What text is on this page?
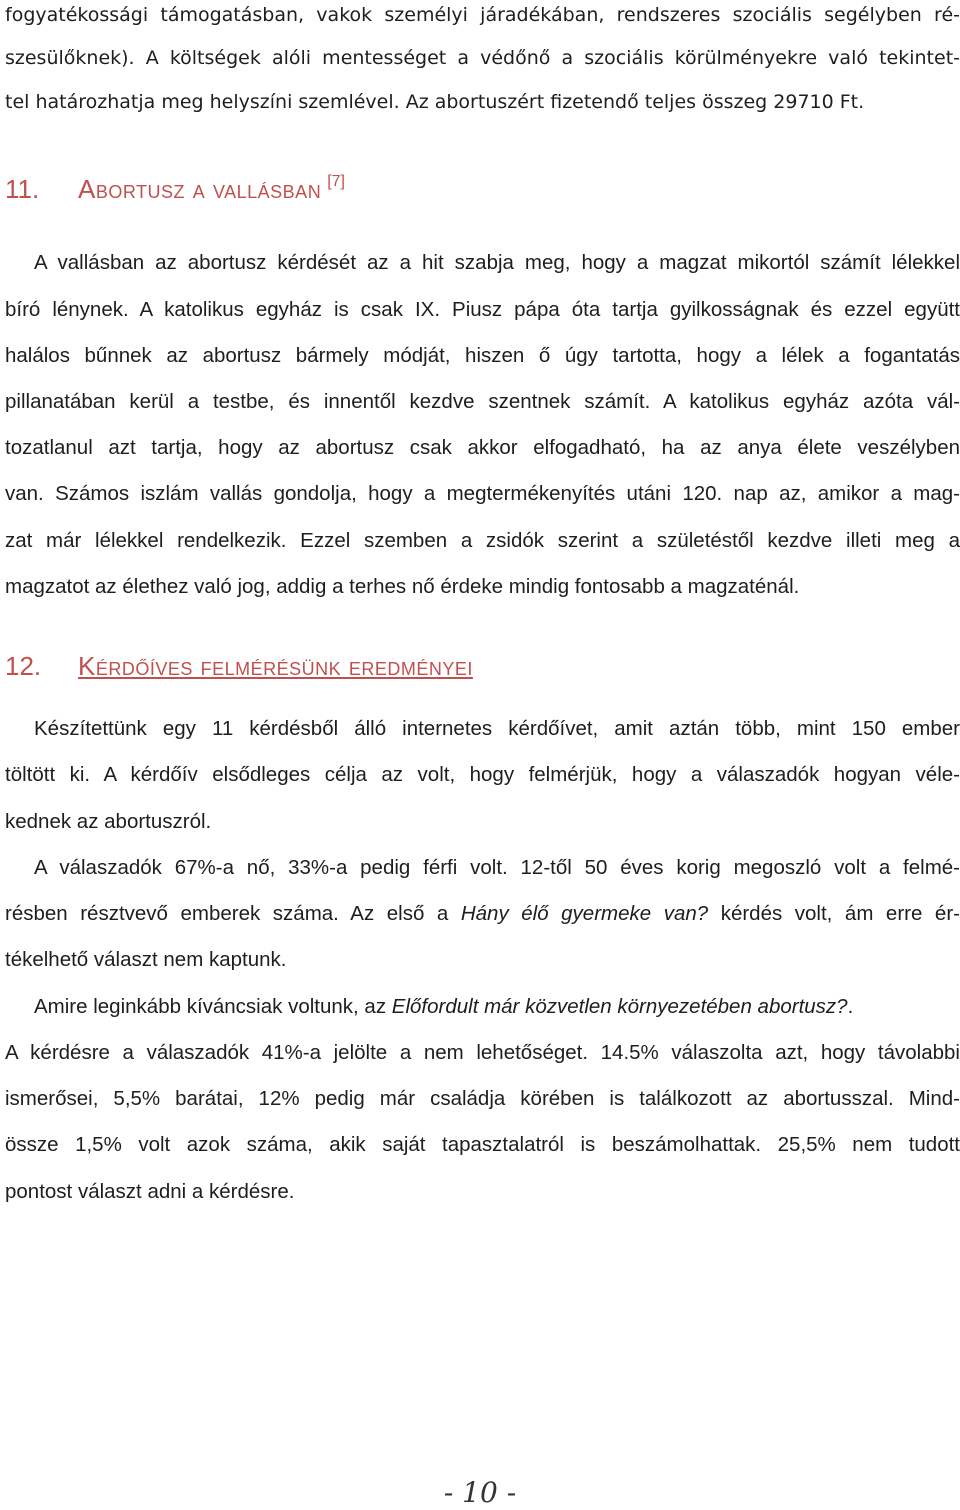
fogyatékossági támogatásban, vakok személyi járadékában, rendszeres szociális segélyben ré-
szesülőknek). A költségek alóli mentességet a védőnő a szociális körülményekre való tekintet-
tel határozhatja meg helyszíni szemlével. Az abortuszért fizetendő teljes összeg 29710 Ft.
11. Abortusz a vallásban [7]
A vallásban az abortusz kérdését az a hit szabja meg, hogy a magzat mikortól számít lélekkel
bíró lénynek. A katolikus egyház is csak IX. Piusz pápa óta tartja gyilkosságnak és ezzel együtt
halálos bűnnek az abortusz bármely módját, hiszen ő úgy tartotta, hogy a lélek a fogantatás
pillanatában kerül a testbe, és innentől kezdve szentnek számít. A katolikus egyház azóta vál-
tozatlanul azt tartja, hogy az abortusz csak akkor elfogadható, ha az anya élete veszélyben
van. Számos iszlám vallás gondolja, hogy a megtermékenyítés utáni 120. nap az, amikor a mag-
zat már lélekkel rendelkezik. Ezzel szemben a zsidók szerint a születéstől kezdve illeti meg a
magzatot az élethez való jog, addig a terhes nő érdeke mindig fontosabb a magzaténál.
12. Kérdőíves felmérésünk eredményei
Készítettünk egy 11 kérdésből álló internetes kérdőívet, amit aztán több, mint 150 ember
töltött ki. A kérdőív elsődleges célja az volt, hogy felmérjük, hogy a válaszadók hogyan véle-
kednek az abortuszról.
A válaszadók 67%-a nő, 33%-a pedig férfi volt. 12-től 50 éves korig megoszló volt a felmé-
résben résztvevő emberek száma. Az első a Hány élő gyermeke van? kérdés volt, ám erre ér-
tékelhető választ nem kaptunk.
Amire leginkább kíváncsiak voltunk, az Előfordult már közvetlen környezetében abortusz?.
A kérdésre a válaszadók 41%-a jelölte a nem lehetőséget. 14.5% válaszolta azt, hogy távolabbi
ismerősei, 5,5% barátai, 12% pedig már családja körében is találkozott az abortusszal. Mind-
össze 1,5% volt azok száma, akik saját tapasztalatról is beszámolhattak. 25,5% nem tudott
pontost választ adni a kérdésre.
- 10 -
